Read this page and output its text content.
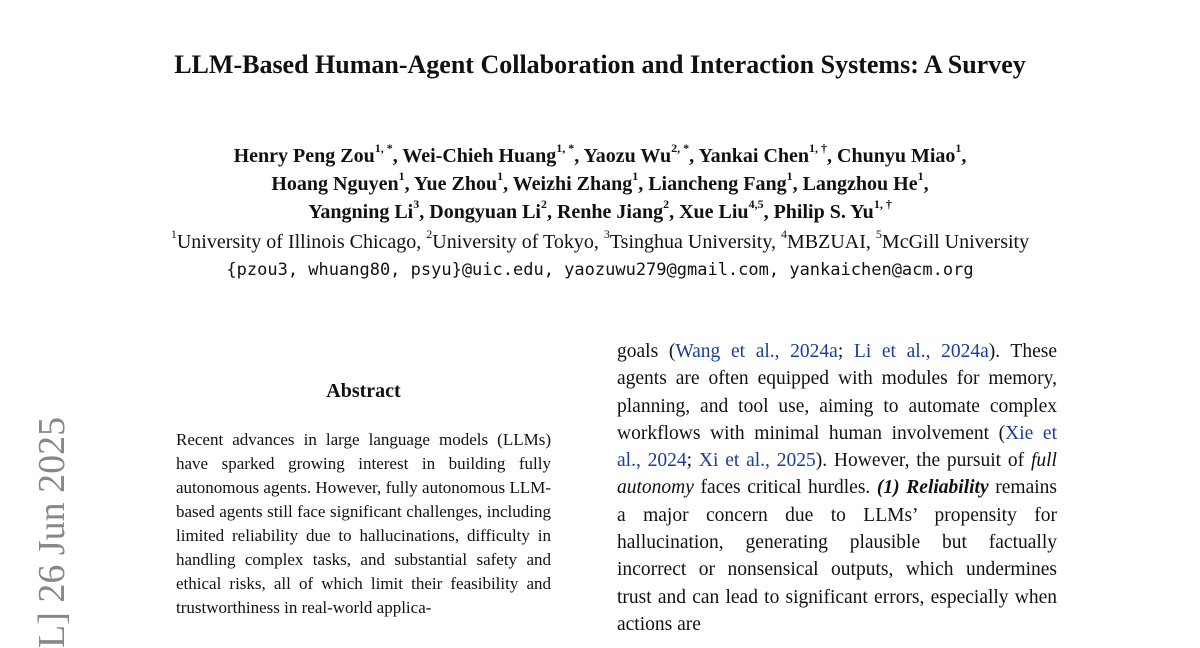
LLM-Based Human-Agent Collaboration and Interaction Systems: A Survey
Henry Peng Zou$^{1, *}$, Wei-Chieh Huang$^{1, *}$, Yaozu $Wu^{2, *}$, Yankai Chen$^{1, \dagger}$, Chunyu Miao$^1$,
Hoang Nguyen$^1$, Yue Zhou$^1$, Weizhi Zhang$^1$, Liancheng Fang$^1$, Langzhou He$^1$,
Yangning Li$^3$, Dongyuan Li$^2$, Renhe Jiang$^2$, Xue Liu$^{4,5}$, Philip S. $Yu^{1, \dagger}$
$^1$University of Illinois Chicago, $^2$University of Tokyo, $^3$Tsinghua University, $^4$MBZUAI, $^5$McGill University
{pzou3, whuang80, psyu}@uic.edu, yaozuwu279@gmail.com, yankaichen@acm.org
L] 26 Jun 2025
Abstract

Recent advances in large language models (LLMs) have sparked growing interest in building fully autonomous agents. However, fully autonomous LLM-based agents still face significant challenges, including limited reliability due to hallucinations, difficulty in handling complex tasks, and substantial safety and ethical risks, all of which limit their feasibility and trustworthiness in real-world applica-

goals (Wang et al., 2024a; Li et al., 2024a). These agents are often equipped with modules for memory, planning, and tool use, aiming to automate complex workflows with minimal human involvement (Xie et al., 2024; Xi et al., 2025). However, the pursuit of full autonomy faces critical hurdles. (1) Reliability remains a major concern due to LLMs’ propensity for hallucination, generating plausible but factually incorrect or nonsensical outputs, which undermines trust and can lead to significant errors, especially when actions are
